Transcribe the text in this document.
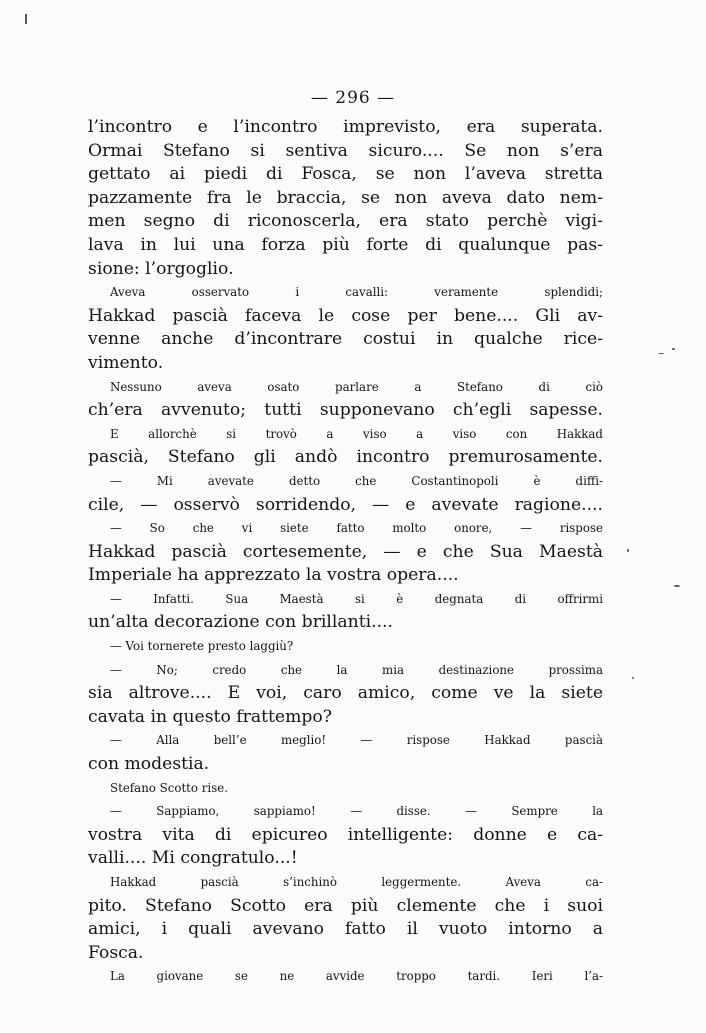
— 296 —
l’incontro e l’incontro imprevisto, era superata.
Ormai Stefano si sentiva sicuro.... Se non s’era
gettato ai piedi di Fosca, se non l’aveva stretta
pazzamente fra le braccia, se non aveva dato nem-
men segno di riconoscerla, era stato perchè vigi-
lava in lui una forza più forte di qualunque pas-
sione: l’orgoglio.
Aveva osservato i cavalli: veramente splendidi;
Hakkad pascià faceva le cose per bene.... Gli av-
venne anche d’incontrare costui in qualche rice-
vimento.
Nessuno aveva osato parlare a Stefano di ciò
ch’era avvenuto; tutti supponevano ch’egli sapesse.
E allorchè si trovò a viso a viso con Hakkad
pascià, Stefano gli andò incontro premurosamente.
— Mi avevate detto che Costantinopoli è diffi-
cile, — osservò sorridendo, — e avevate ragione....
— So che vi siete fatto molto onore, — rispose
Hakkad pascià cortesemente, — e che Sua Maestà
Imperiale ha apprezzato la vostra opera....
— Infatti. Sua Maestà si è degnata di offrirmi
un’alta decorazione con brillanti....
— Voi tornerete presto laggiù?
— No; credo che la mia destinazione prossima
sia altrove.... E voi, caro amico, come ve la siete
cavata in questo frattempo?
— Alla bell’e meglio! — rispose Hakkad pascià
con modestia.
Stefano Scotto rise.
— Sappiamo, sappiamo! — disse. — Sempre la
vostra vita di epicureo intelligente: donne e ca-
valli.... Mi congratulo...!
Hakkad pascià s’inchinò leggermente. Aveva ca-
pito. Stefano Scotto era più clemente che i suoi
amici, i quali avevano fatto il vuoto intorno a
Fosca.
La giovane se ne avvide troppo tardi. Ieri l’a-
